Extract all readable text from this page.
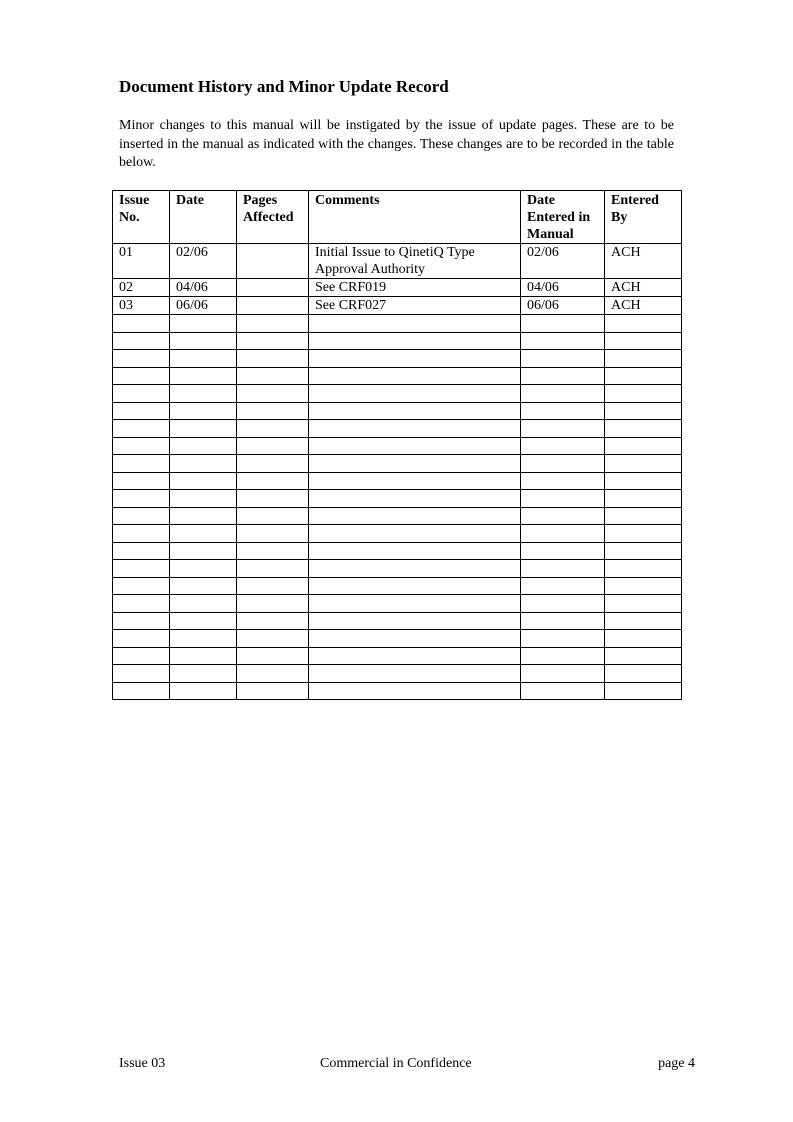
Document History and Minor Update Record

Minor changes to this manual will be instigated by the issue of update pages. These are to be inserted in the manual as indicated with the changes. These changes are to be recorded in the table below.

Issue No.	Date	Pages Affected	Comments	Date Entered in Manual	Entered By
01	02/06		Initial Issue to QinetiQ Type Approval Authority	02/06	ACH
02	04/06		See CRF019	04/06	ACH
03	06/06		See CRF027	06/06	ACH

Issue 03	Commercial in Confidence	page 4
